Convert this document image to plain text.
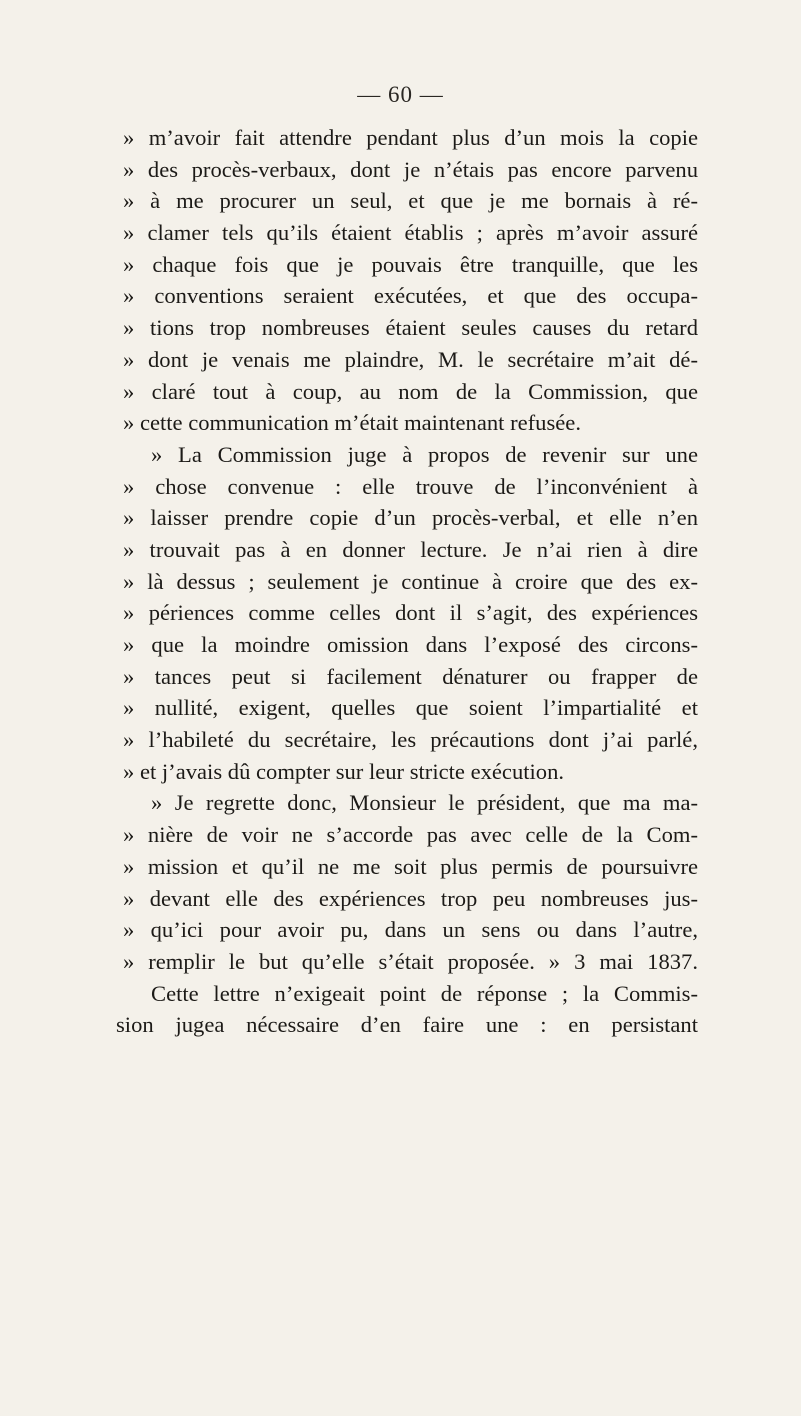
— 60 —
» m’avoir fait attendre pendant plus d’un mois la copie
» des procès-verbaux, dont je n’étais pas encore parvenu
» à me procurer un seul, et que je me bornais à ré-
» clamer tels qu’ils étaient établis ; après m’avoir assuré
» chaque fois que je pouvais être tranquille, que les
» conventions seraient exécutées, et que des occupa-
» tions trop nombreuses étaient seules causes du retard
» dont je venais me plaindre, M. le secrétaire m’ait dé-
» claré tout à coup, au nom de la Commission, que
» cette communication m’était maintenant refusée.
» La Commission juge à propos de revenir sur une
» chose convenue : elle trouve de l’inconvénient à
» laisser prendre copie d’un procès-verbal, et elle n’en
» trouvait pas à en donner lecture. Je n’ai rien à dire
» là dessus ; seulement je continue à croire que des ex-
» périences comme celles dont il s’agit, des expériences
» que la moindre omission dans l’exposé des circons-
» tances peut si facilement dénaturer ou frapper de
» nullité, exigent, quelles que soient l’impartialité et
» l’habileté du secrétaire, les précautions dont j’ai parlé,
» et j’avais dû compter sur leur stricte exécution.
» Je regrette donc, Monsieur le président, que ma ma-
» nière de voir ne s’accorde pas avec celle de la Com-
» mission et qu’il ne me soit plus permis de poursuivre
» devant elle des expériences trop peu nombreuses jus-
» qu’ici pour avoir pu, dans un sens ou dans l’autre,
» remplir le but qu’elle s’était proposée. » 3 mai 1837.
Cette lettre n’exigeait point de réponse ; la Commis-
sion jugea nécessaire d’en faire une : en persistant
